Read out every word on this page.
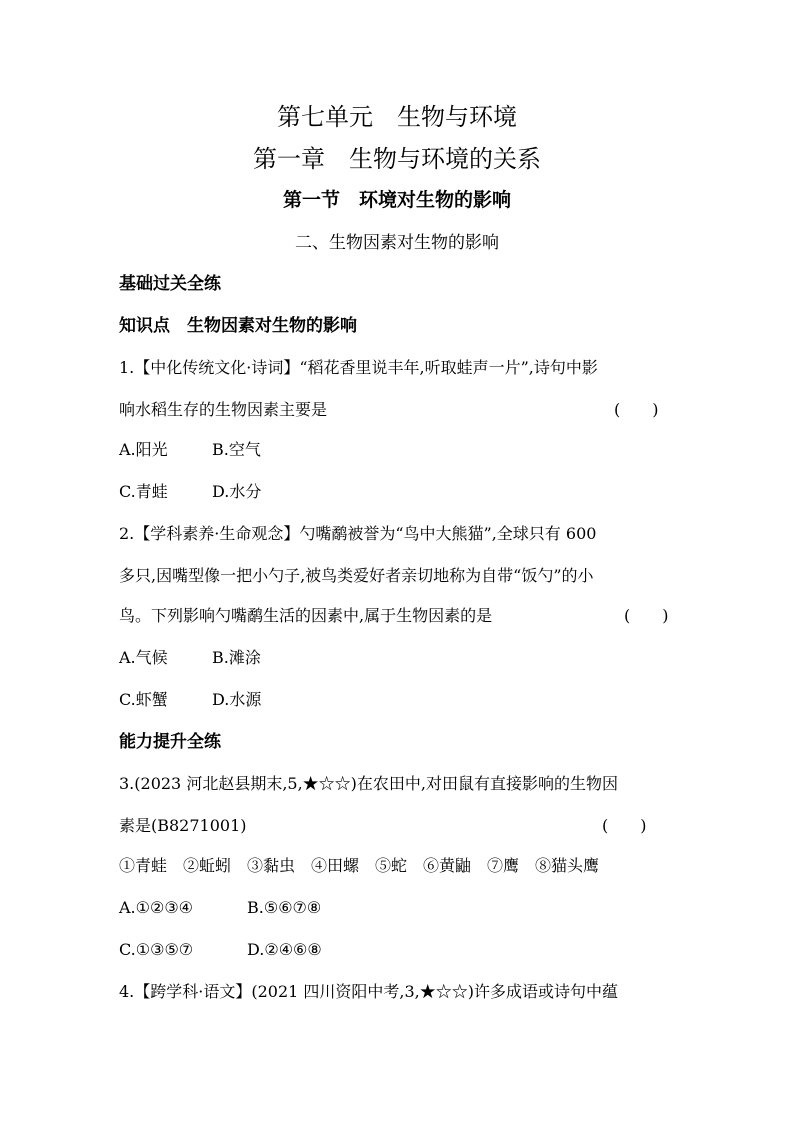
第七单元　生物与环境
第一章　生物与环境的关系
第一节　环境对生物的影响
二、生物因素对生物的影响
基础过关全练
知识点　生物因素对生物的影响
1.【中化传统文化·诗词】“稻花香里说丰年,听取蛙声一片”,诗句中影
响水稻生存的生物因素主要是	(　　)
A.阳光	B.空气
C.青蛙	D.水分
2.【学科素养·生命观念】勺嘴鹬被誉为“鸟中大熊猫”,全球只有 600
多只,因嘴型像一把小勺子,被鸟类爱好者亲切地称为自带“饭勺”的小
鸟。下列影响勺嘴鹬生活的因素中,属于生物因素的是	(　　)
A.气候	B.滩涂
C.虾蟹	D.水源
能力提升全练
3.(2023 河北赵县期末,5,★☆☆)在农田中,对田鼠有直接影响的生物因
素是(B8271001)	(　　)
①青蛙　②蚯蚓　③黏虫　④田螺　⑤蛇　⑥黄鼬　⑦鹰　⑧猫头鹰
A.①②③④	B.⑤⑥⑦⑧
C.①③⑤⑦	D.②④⑥⑧
4.【跨学科·语文】(2021 四川资阳中考,3,★☆☆)许多成语或诗句中蕴
